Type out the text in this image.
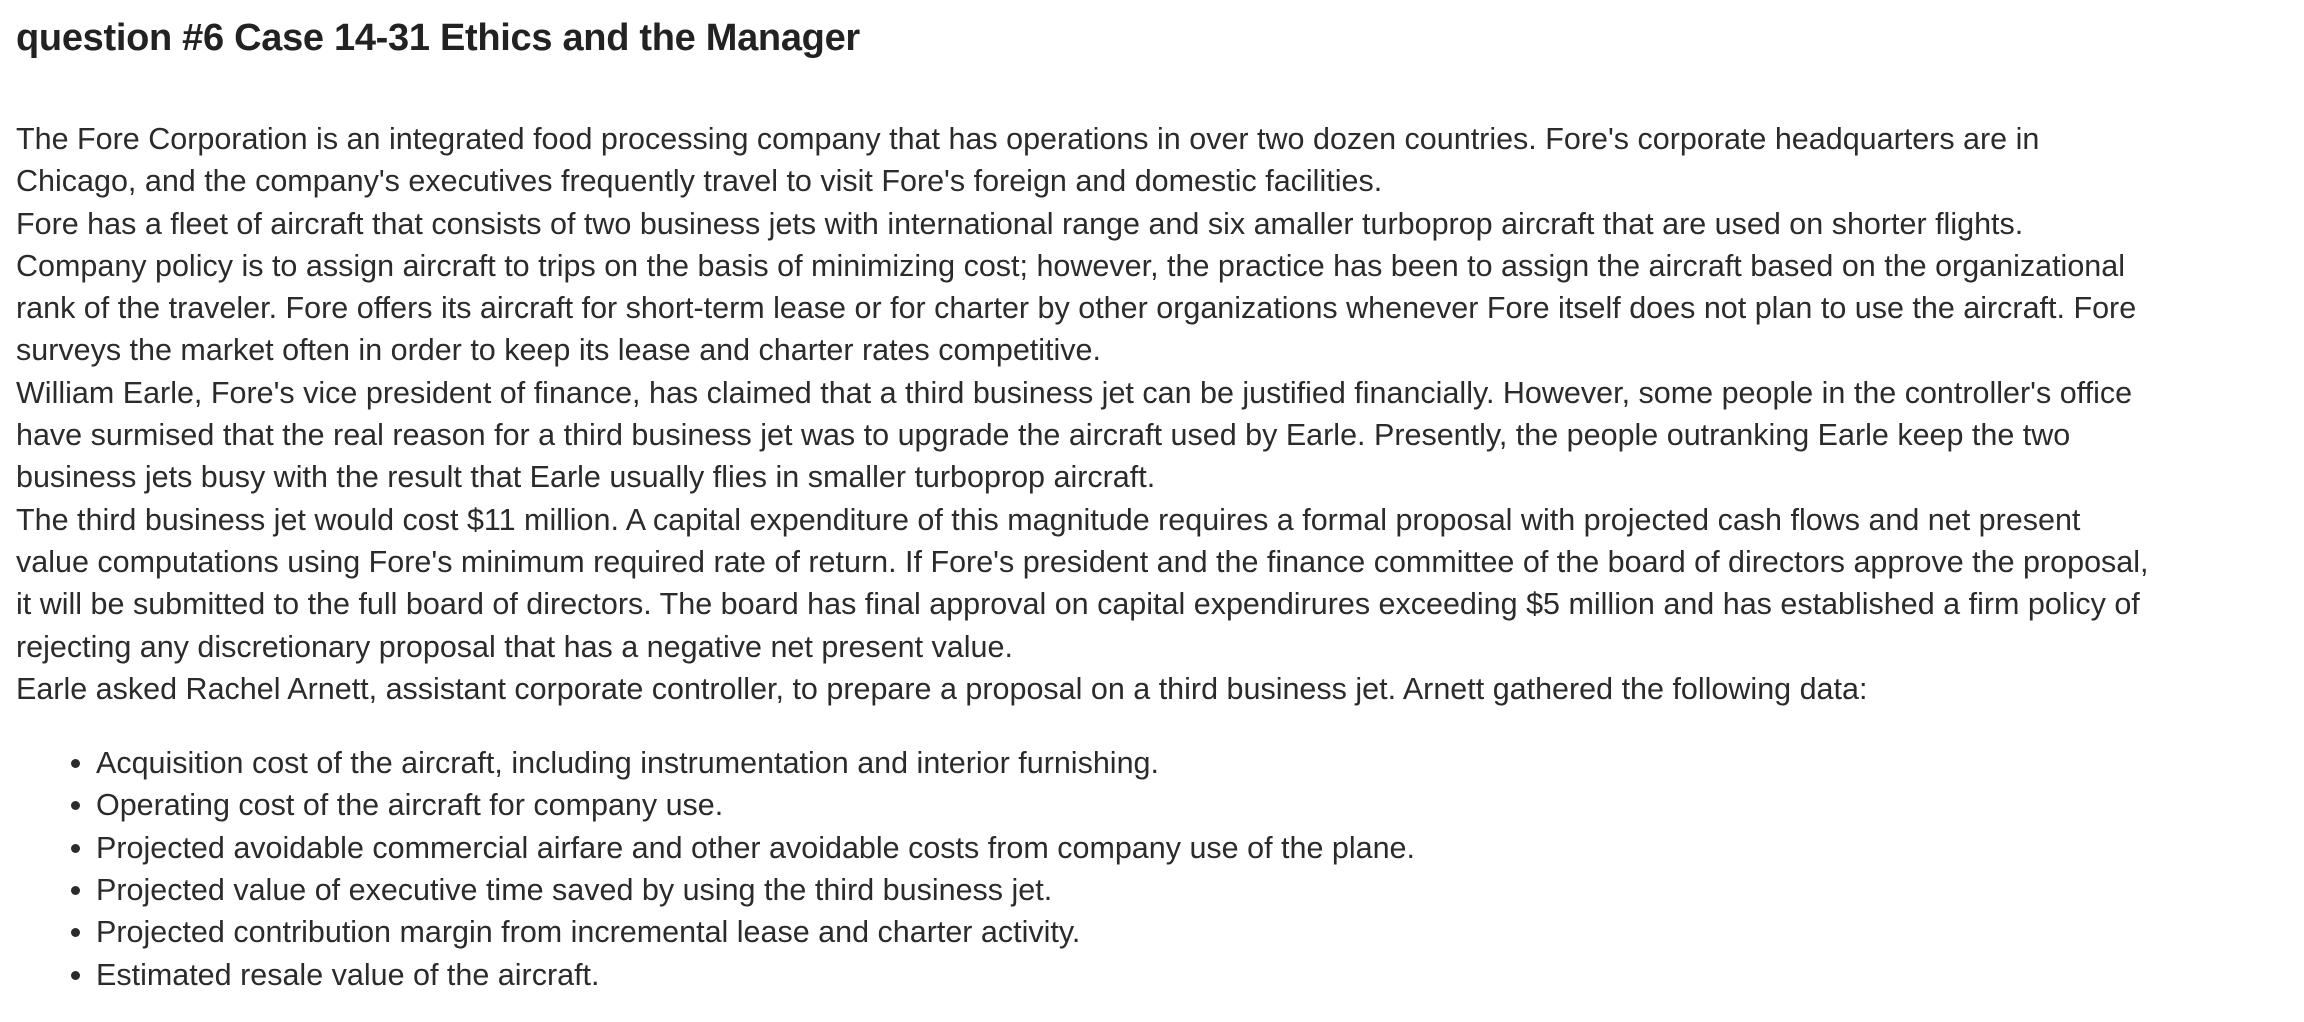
question #6 Case 14-31 Ethics and the Manager

The Fore Corporation is an integrated food processing company that has operations in over two dozen countries. Fore's corporate headquarters are in Chicago, and the company's executives frequently travel to visit Fore's foreign and domestic facilities.

Fore has a fleet of aircraft that consists of two business jets with international range and six amaller turboprop aircraft that are used on shorter flights. Company policy is to assign aircraft to trips on the basis of minimizing cost; however, the practice has been to assign the aircraft based on the organizational rank of the traveler. Fore offers its aircraft for short-term lease or for charter by other organizations whenever Fore itself does not plan to use the aircraft. Fore surveys the market often in order to keep its lease and charter rates competitive.

William Earle, Fore's vice president of finance, has claimed that a third business jet can be justified financially. However, some people in the controller's office have surmised that the real reason for a third business jet was to upgrade the aircraft used by Earle. Presently, the people outranking Earle keep the two business jets busy with the result that Earle usually flies in smaller turboprop aircraft.

The third business jet would cost $11 million. A capital expenditure of this magnitude requires a formal proposal with projected cash flows and net present value computations using Fore's minimum required rate of return. If Fore's president and the finance committee of the board of directors approve the proposal, it will be submitted to the full board of directors. The board has final approval on capital expendirures exceeding $5 million and has established a firm policy of rejecting any discretionary proposal that has a negative net present value.

Earle asked Rachel Arnett, assistant corporate controller, to prepare a proposal on a third business jet. Arnett gathered the following data:

• Acquisition cost of the aircraft, including instrumentation and interior furnishing.
• Operating cost of the aircraft for company use.
• Projected avoidable commercial airfare and other avoidable costs from company use of the plane.
• Projected value of executive time saved by using the third business jet.
• Projected contribution margin from incremental lease and charter activity.
• Estimated resale value of the aircraft.
